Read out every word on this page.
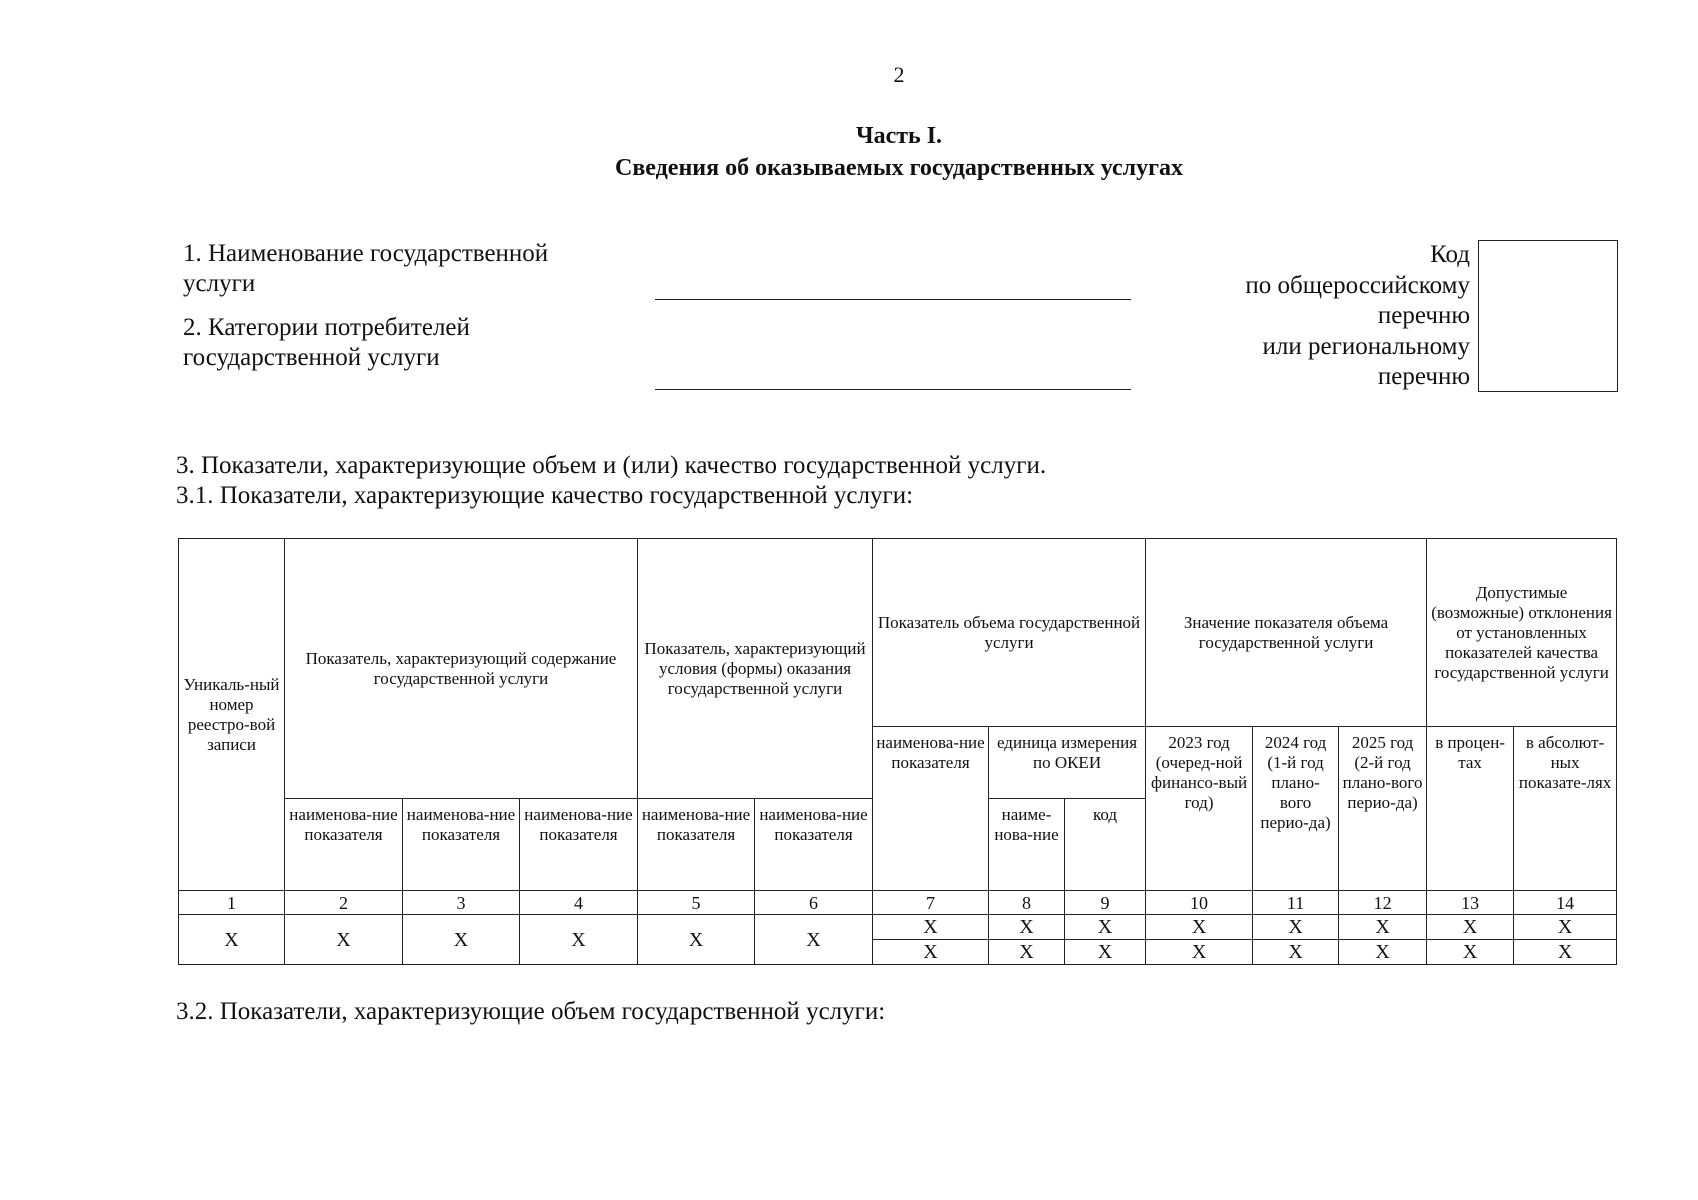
2
Часть I.
Сведения об оказываемых государственных услугах
1. Наименование государственной
услуги
2. Категории потребителей
государственной услуги
Код
по общероссийскому
перечню
или региональному
перечню
3. Показатели, характеризующие объем и (или) качество государственной услуги.
3.1. Показатели, характеризующие качество государственной услуги:
Уникаль-ный номер реестро-вой записи	Показатель, характеризующий содержание государственной услуги			Показатель, характеризующий условия (формы) оказания государственной услуги		Показатель объема государственной услуги			Значение показателя объема государственной услуги			Допустимые (возможные) отклонения от установленных показателей качества государственной услуги	
						наименова-ние показателя	единица измерения по ОКЕИ		2023 год (очеред-ной финансо-вый год)	2024 год (1-й год плано-вого перио-да)	2025 год (2-й год плано-вого перио-да)	в процен-тах	в абсолют-ных показате-лях
	наименова-ние показателя	наименова-ние показателя	наименова-ние показателя	наименова-ние показателя	наименова-ние показателя		наиме-нова-ние	код					
1	2	3	4	5	6	7	8	9	10	11	12	13	14
X	X	X	X	X	X	X	X	X	X	X	X	X	X
						X	X	X	X	X	X	X	X
3.2. Показатели, характеризующие объем государственной услуги:
